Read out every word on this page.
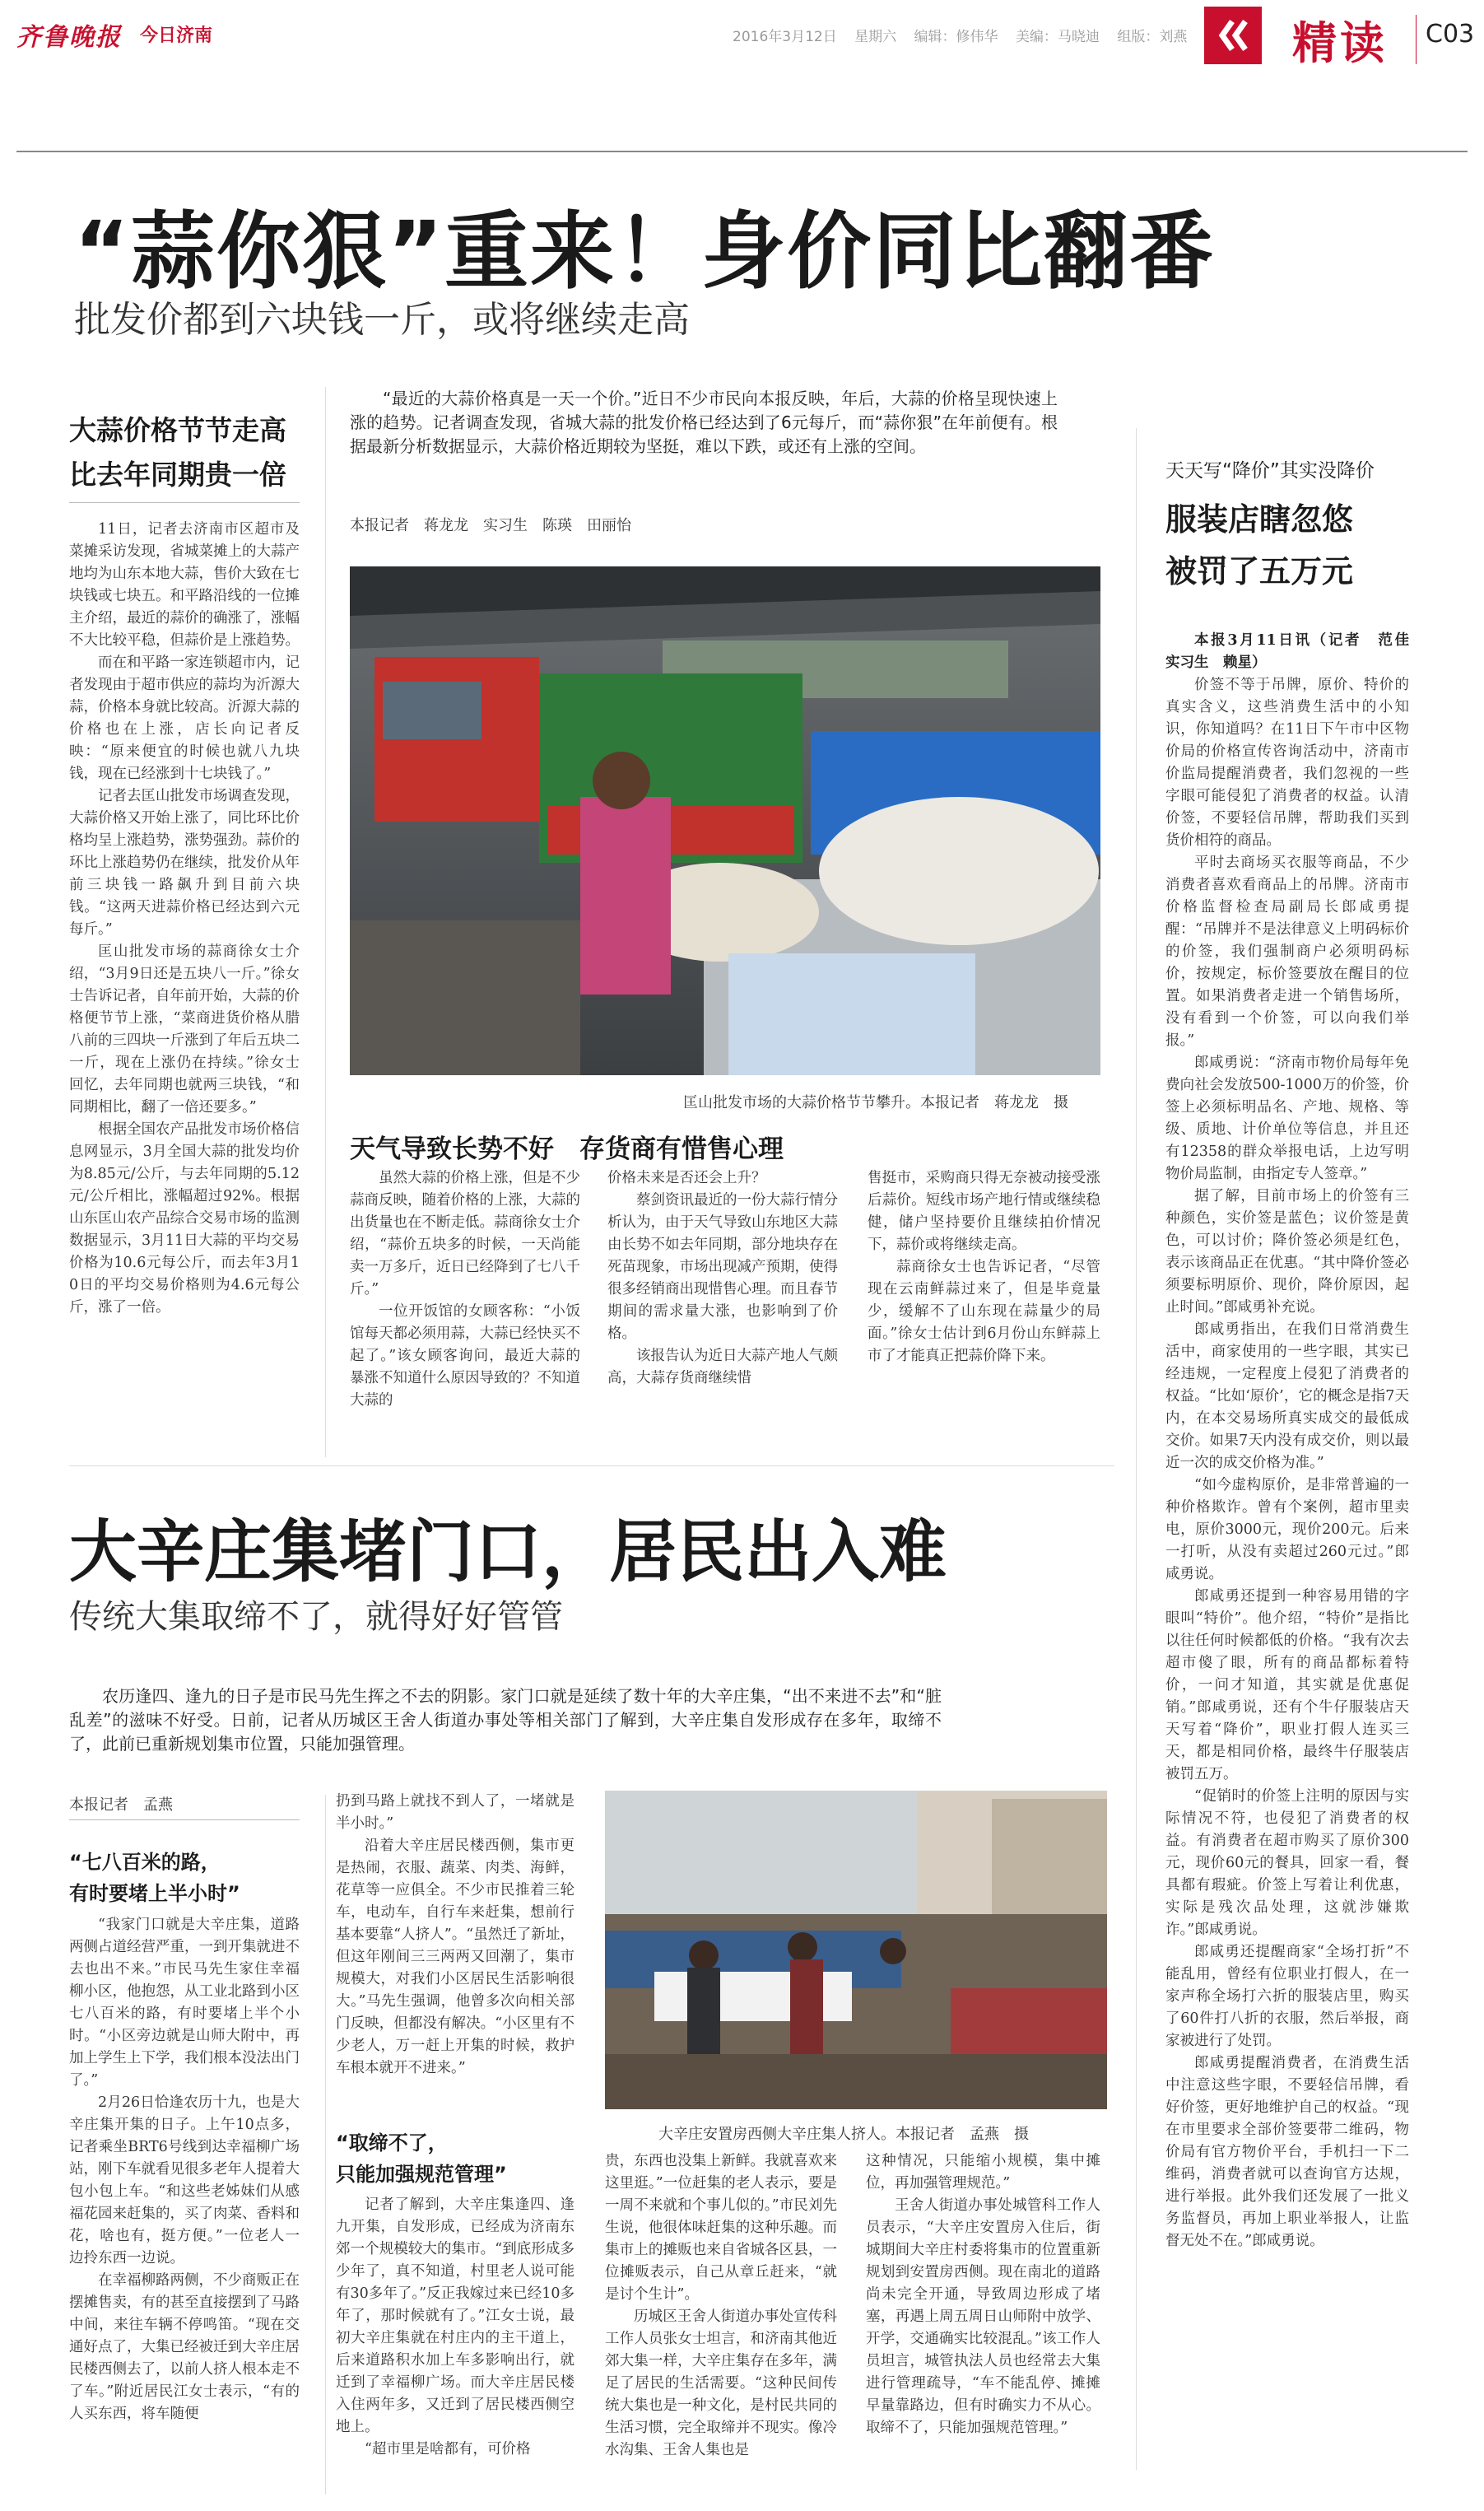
齐鲁晚报 今日济南	2016年3月12日 星期六 编辑：修伟华 美编：马晓迪 组版：刘燕 精读 C03
“蒜你狠”重来！身价同比翻番
批发价都到六块钱一斤，或将继续走高
大蒜价格节节走高
比去年同期贵一倍
“最近的大蒜价格真是一天一个价。”近日不少市民向本报反映，年后，大蒜的价格呈现快速上涨的趋势。记者调查发现，省城大蒜的批发价格已经达到了6元每斤，而“蒜你狠”在年前便有。根据最新分析数据显示，大蒜价格近期较为坚挺，难以下跌，或还有上涨的空间。
本报记者　蒋龙龙　实习生　陈瑛　田丽怡

11日，记者去济南市区超市及菜摊采访发现，省城菜摊上的大蒜产地均为山东本地大蒜，售价大致在七块钱或七块五。和平路沿线的一位摊主介绍，最近的蒜价的确涨了，涨幅不大比较平稳，但蒜价是上涨趋势。

而在和平路一家连锁超市内，记者发现由于超市供应的蒜均为沂源大蒜，价格本身就比较高。沂源大蒜的价格也在上涨，店长向记者反映：“原来便宜的时候也就八九块钱，现在已经涨到十七块钱了。”

记者去匡山批发市场调查发现，大蒜价格又开始上涨了，同比环比价格均呈上涨趋势，涨势强劲。蒜价的环比上涨趋势仍在继续，批发价从年前三块钱一路飙升到目前六块钱。“这两天进蒜价格已经达到六元每斤。”

匡山批发市场的蒜商徐女士介绍，“3月9日还是五块八一斤。”徐女士告诉记者，自年前开始，大蒜的价格便节节上涨，“菜商进货价格从腊八前的三四块一斤涨到了年后五块二一斤，现在上涨仍在持续。”徐女士回忆，去年同期也就两三块钱，“和同期相比，翻了一倍还要多。”

根据全国农产品批发市场价格信息网显示，3月全国大蒜的批发均价为8.85元/公斤，与去年同期的5.12元/公斤相比，涨幅超过92%。根据山东匡山农产品综合交易市场的监测数据显示，3月11日大蒜的平均交易价格为10.6元每公斤，而去年3月10日的平均交易价格则为4.6元每公斤，涨了一倍。

匡山批发市场的大蒜价格节节攀升。本报记者　蒋龙龙　摄
天气导致长势不好　存货商有惜售心理

虽然大蒜的价格上涨，但是不少蒜商反映，随着价格的上涨，大蒜的出货量也在不断走低。蒜商徐女士介绍，“蒜价五块多的时候，一天尚能卖一万多斤，近日已经降到了七八千斤。”

一位开饭馆的女顾客称：“小饭馆每天都必须用蒜，大蒜已经快买不起了。”该女顾客询问，最近大蒜的暴涨不知道什么原因导致的？不知道大蒜的

价格未来是否还会上升？

蔡剑资讯最近的一份大蒜行情分析认为，由于天气导致山东地区大蒜由长势不如去年同期，部分地块存在死苗现象，市场出现减产预期，使得很多经销商出现惜售心理。而且春节期间的需求量大涨，也影响到了价格。

该报告认为近日大蒜产地人气颇高，大蒜存货商继续惜

售挺市，采购商只得无奈被动接受涨后蒜价。短线市场产地行情或继续稳健，储户坚持要价且继续拍价情况下，蒜价或将继续走高。

蒜商徐女士也告诉记者，“尽管现在云南鲜蒜过来了，但是毕竟量少，缓解不了山东现在蒜量少的局面。”徐女士估计到6月份山东鲜蒜上市了才能真正把蒜价降下来。

天天写“降价”其实没降价
服装店瞎忽悠
被罚了五万元

本报3月11日讯（记者　范佳　实习生　赖星）

价签不等于吊牌，原价、特价的真实含义，这些消费生活中的小知识，你知道吗？在11日下午市中区物价局的价格宣传咨询活动中，济南市价监局提醒消费者，我们忽视的一些字眼可能侵犯了消费者的权益。认清价签，不要轻信吊牌，帮助我们买到货价相符的商品。

平时去商场买衣服等商品，不少消费者喜欢看商品上的吊牌。济南市价格监督检查局副局长郎咸勇提醒：“吊牌并不是法律意义上明码标价的价签，我们强制商户必须明码标价，按规定，标价签要放在醒目的位置。如果消费者走进一个销售场所，没有看到一个价签，可以向我们举报。”

郎咸勇说：“济南市物价局每年免费向社会发放500-1000万的价签，价签上必须标明品名、产地、规格、等级、质地、计价单位等信息，并且还有12358的群众举报电话，上边写明物价局监制，由指定专人签章。”

据了解，目前市场上的价签有三种颜色，实价签是蓝色；议价签是黄色，可以讨价；降价签必须是红色，表示该商品正在优惠。“其中降价签必须要标明原价、现价，降价原因，起止时间。”郎咸勇补充说。

郎咸勇指出，在我们日常消费生活中，商家使用的一些字眼，其实已经违规，一定程度上侵犯了消费者的权益。“比如‘原价’，它的概念是指7天内，在本交易场所真实成交的最低成交价。如果7天内没有成交价，则以最近一次的成交价格为准。”

“如今虚构原价，是非常普遍的一种价格欺诈。曾有个案例，超市里卖电，原价3000元，现价200元。后来一打听，从没有卖超过260元过。”郎咸勇说。

郎咸勇还提到一种容易用错的字眼叫“特价”。他介绍，“特价”是指比以往任何时候都低的价格。“我有次去超市傻了眼，所有的商品都标着特价，一问才知道，其实就是优惠促销。”郎咸勇说，还有个牛仔服装店天天写着“降价”，职业打假人连买三天，都是相同价格，最终牛仔服装店被罚五万。

“促销时的价签上注明的原因与实际情况不符，也侵犯了消费者的权益。有消费者在超市购买了原价300元，现价60元的餐具，回家一看，餐具都有瑕疵。价签上写着让利优惠，实际是残次品处理，这就涉嫌欺诈。”郎咸勇说。

郎咸勇还提醒商家“全场打折”不能乱用，曾经有位职业打假人，在一家声称全场打六折的服装店里，购买了60件打八折的衣服，然后举报，商家被进行了处罚。

郎咸勇提醒消费者，在消费生活中注意这些字眼，不要轻信吊牌，看好价签，更好地维护自己的权益。“现在市里要求全部价签要带二维码，物价局有官方物价平台，手机扫一下二维码，消费者就可以查询官方达规，进行举报。此外我们还发展了一批义务监督员，再加上职业举报人，让监督无处不在。”郎咸勇说。

大辛庄集堵门口，居民出入难
传统大集取缔不了，就得好好管管
农历逢四、逢九的日子是市民马先生挥之不去的阴影。家门口就是延续了数十年的大辛庄集，“出不来进不去”和“脏乱差”的滋味不好受。日前，记者从历城区王舍人街道办事处等相关部门了解到，大辛庄集自发形成存在多年，取缔不了，此前已重新规划集市位置，只能加强管理。
本报记者　孟燕
“七八百米的路，
有时要堵上半小时”

“我家门口就是大辛庄集，道路两侧占道经营严重，一到开集就进不去也出不来。”市民马先生家住幸福柳小区，他抱怨，从工业北路到小区七八百米的路，有时要堵上半个小时。“小区旁边就是山师大附中，再加上学生上下学，我们根本没法出门了。”

2月26日恰逢农历十九，也是大辛庄集开集的日子。上午10点多，记者乘坐BRT6号线到达幸福柳广场站，刚下车就看见很多老年人提着大包小包上车。“和这些老姊妹们从感福花园来赶集的，买了肉菜、香料和花，啥也有，挺方便。”一位老人一边拎东西一边说。

在幸福柳路两侧，不少商贩正在摆摊售卖，有的甚至直接摆到了马路中间，来往车辆不停鸣笛。“现在交通好点了，大集已经被迁到大辛庄居民楼西侧去了，以前人挤人根本走不了车。”附近居民江女士表示，“有的人买东西，将车随便

扔到马路上就找不到人了，一堵就是半小时。”

沿着大辛庄居民楼西侧，集市更是热闹，衣服、蔬菜、肉类、海鲜，花草等一应俱全。不少市民推着三轮车，电动车，自行车来赶集，想前行基本要靠“人挤人”。“虽然迁了新址，但这年刚间三三两两又回潮了，集市规模大，对我们小区居民生活影响很大。”马先生强调，他曾多次向相关部门反映，但都没有解决。“小区里有不少老人，万一赶上开集的时候，救护车根本就开不进来。”

“取缔不了，
只能加强规范管理”

记者了解到，大辛庄集逢四、逢九开集，自发形成，已经成为济南东郊一个规模较大的集市。“到底形成多少年了，真不知道，村里老人说可能有30多年了。”反正我嫁过来已经10多年了，那时候就有了。”江女士说，最初大辛庄集就在村庄内的主干道上，后来道路积水加上车多影响出行，就迁到了幸福柳广场。而大辛庄居民楼入住两年多，又迁到了居民楼西侧空地上。

“超市里是啥都有，可价格

大辛庄安置房西侧大辛庄集人挤人。本报记者　孟燕　摄

贵，东西也没集上新鲜。我就喜欢来这里逛。”一位赶集的老人表示，要是一周不来就和个事儿似的。”市民刘先生说，他很体味赶集的这种乐趣。而集市上的摊贩也来自省城各区县，一位摊贩表示，自己从章丘赶来，“就是讨个生计”。

历城区王舍人街道办事处宣传科工作人员张女士坦言，和济南其他近郊大集一样，大辛庄集存在多年，满足了居民的生活需要。“这种民间传统大集也是一种文化，是村民共同的生活习惯，完全取缔并不现实。像冷水沟集、王舍人集也是

这种情况，只能缩小规模，集中摊位，再加强管理规范。”

王舍人街道办事处城管科工作人员表示，“大辛庄安置房入住后，街城期间大辛庄村委将集市的位置重新规划到安置房西侧。现在南北的道路尚未完全开通，导致周边形成了堵塞，再遇上周五周日山师附中放学、开学，交通确实比较混乱。”该工作人员坦言，城管执法人员也经常去大集进行管理疏导，“车不能乱停、摊摊早量靠路边，但有时确实力不从心。取缔不了，只能加强规范管理。”
